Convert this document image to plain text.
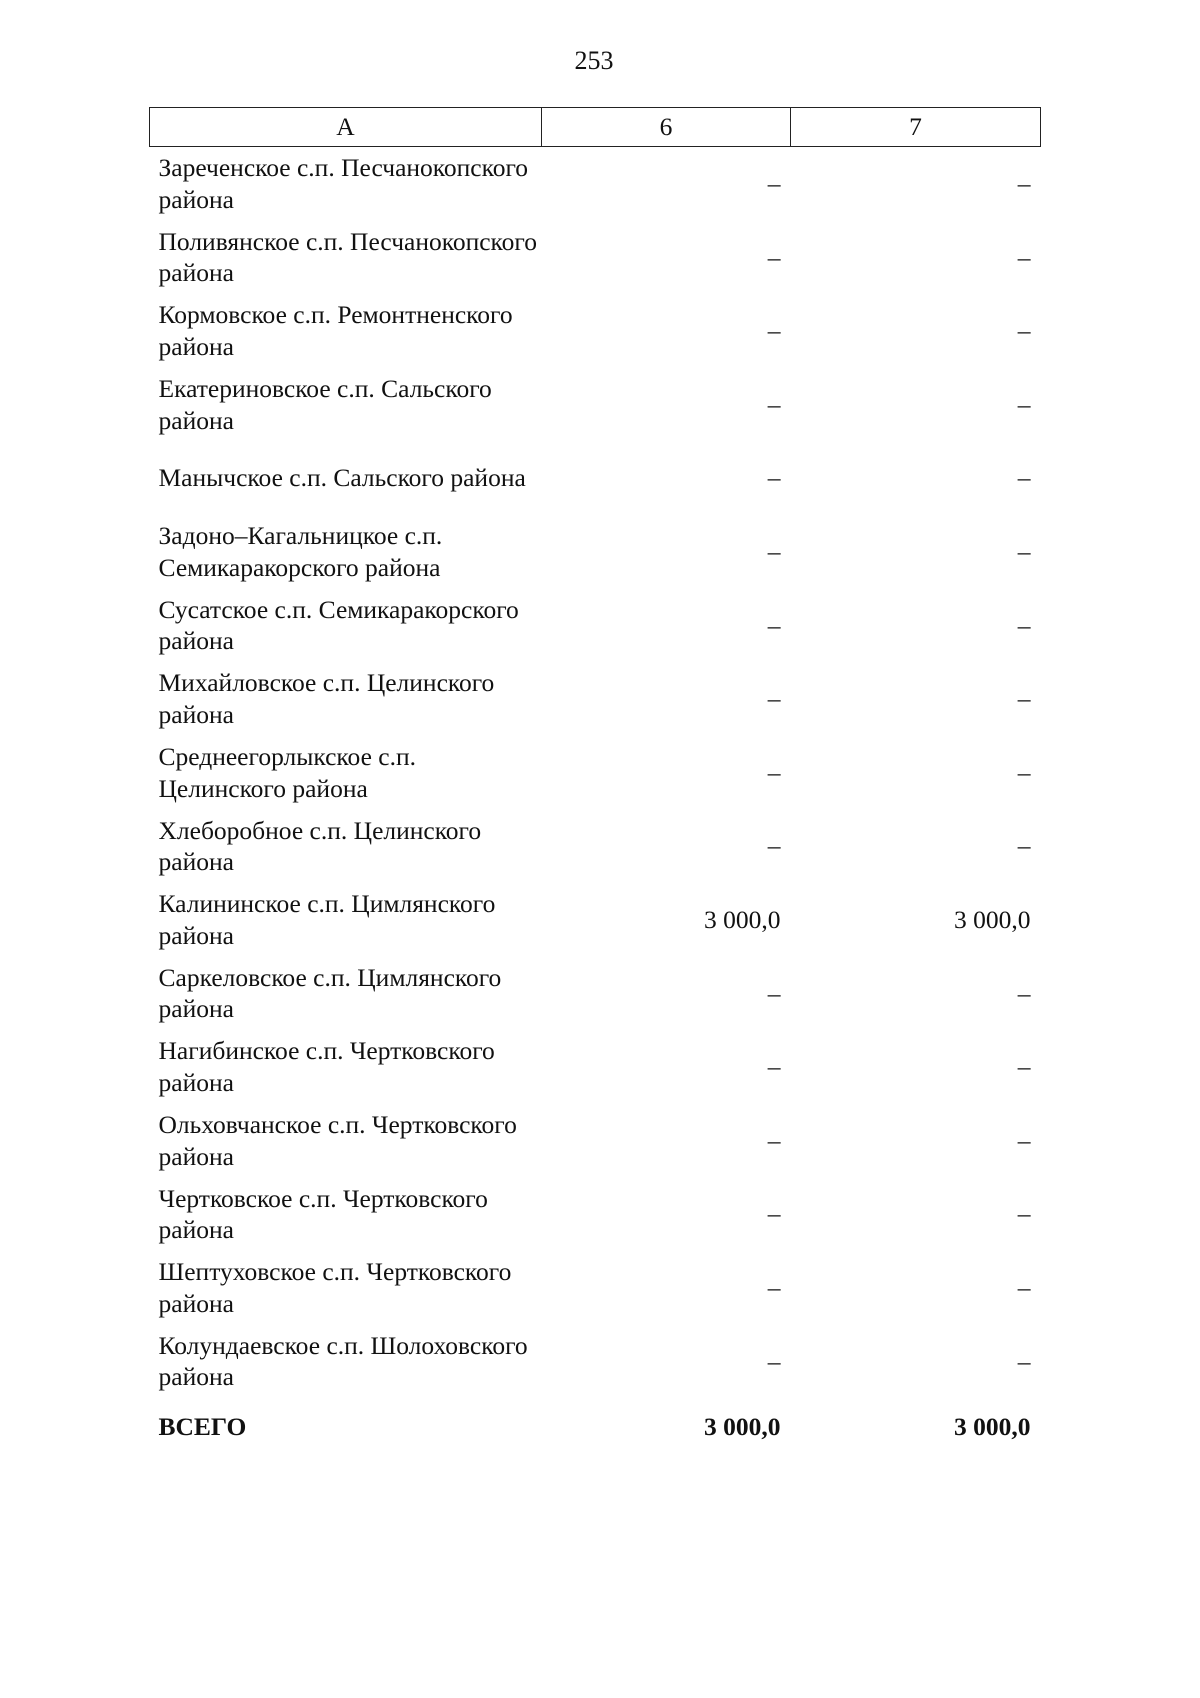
253
А	6	7
Зареченское с.п. Песчанокопского района	–	–
Поливянское с.п. Песчанокопского района	–	–
Кормовское с.п. Ремонтненского района	–	–
Екатериновское с.п. Сальского района	–	–
Манычское с.п. Сальского района	–	–
Задоно–Кагальницкое с.п. Семикаракорского района	–	–
Сусатское с.п. Семикаракорского района	–	–
Михайловское с.п. Целинского района	–	–
Среднеегорлыкское с.п. Целинского района	–	–
Хлеборобное с.п. Целинского района	–	–
Калининское с.п. Цимлянского района	3 000,0	3 000,0
Саркеловское с.п. Цимлянского района	–	–
Нагибинское с.п. Чертковского района	–	–
Ольховчанское с.п. Чертковского района	–	–
Чертковское с.п. Чертковского района	–	–
Шептуховское с.п. Чертковского района	–	–
Колундаевское с.п. Шолоховского района	–	–
ВСЕГО	3 000,0	3 000,0
